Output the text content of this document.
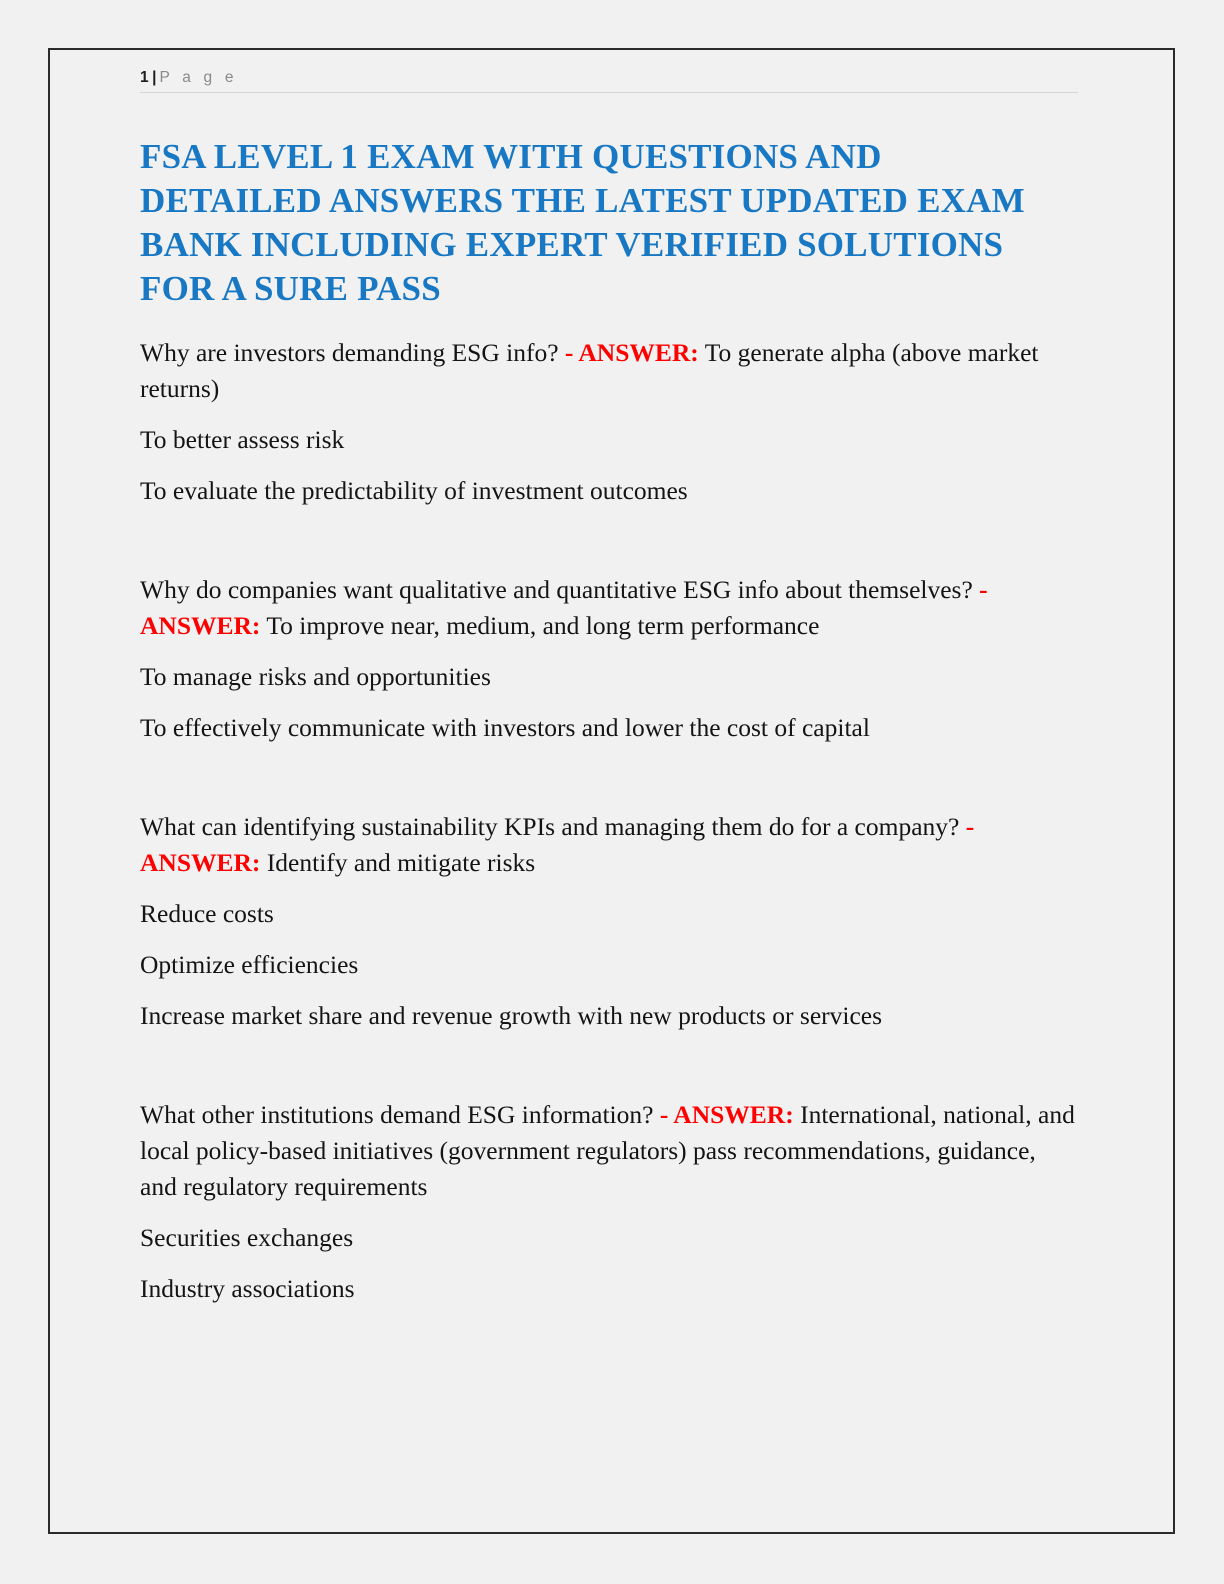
1 | P a g e
FSA LEVEL 1 EXAM WITH QUESTIONS AND DETAILED ANSWERS THE LATEST UPDATED EXAM BANK INCLUDING EXPERT VERIFIED SOLUTIONS FOR A SURE PASS

Why are investors demanding ESG info? - ANSWER: To generate alpha (above market returns)

To better assess risk

To evaluate the predictability of investment outcomes

Why do companies want qualitative and quantitative ESG info about themselves? - ANSWER: To improve near, medium, and long term performance

To manage risks and opportunities

To effectively communicate with investors and lower the cost of capital

What can identifying sustainability KPIs and managing them do for a company? - ANSWER: Identify and mitigate risks

Reduce costs

Optimize efficiencies

Increase market share and revenue growth with new products or services

What other institutions demand ESG information? - ANSWER: International, national, and local policy-based initiatives (government regulators) pass recommendations, guidance, and regulatory requirements

Securities exchanges

Industry associations
